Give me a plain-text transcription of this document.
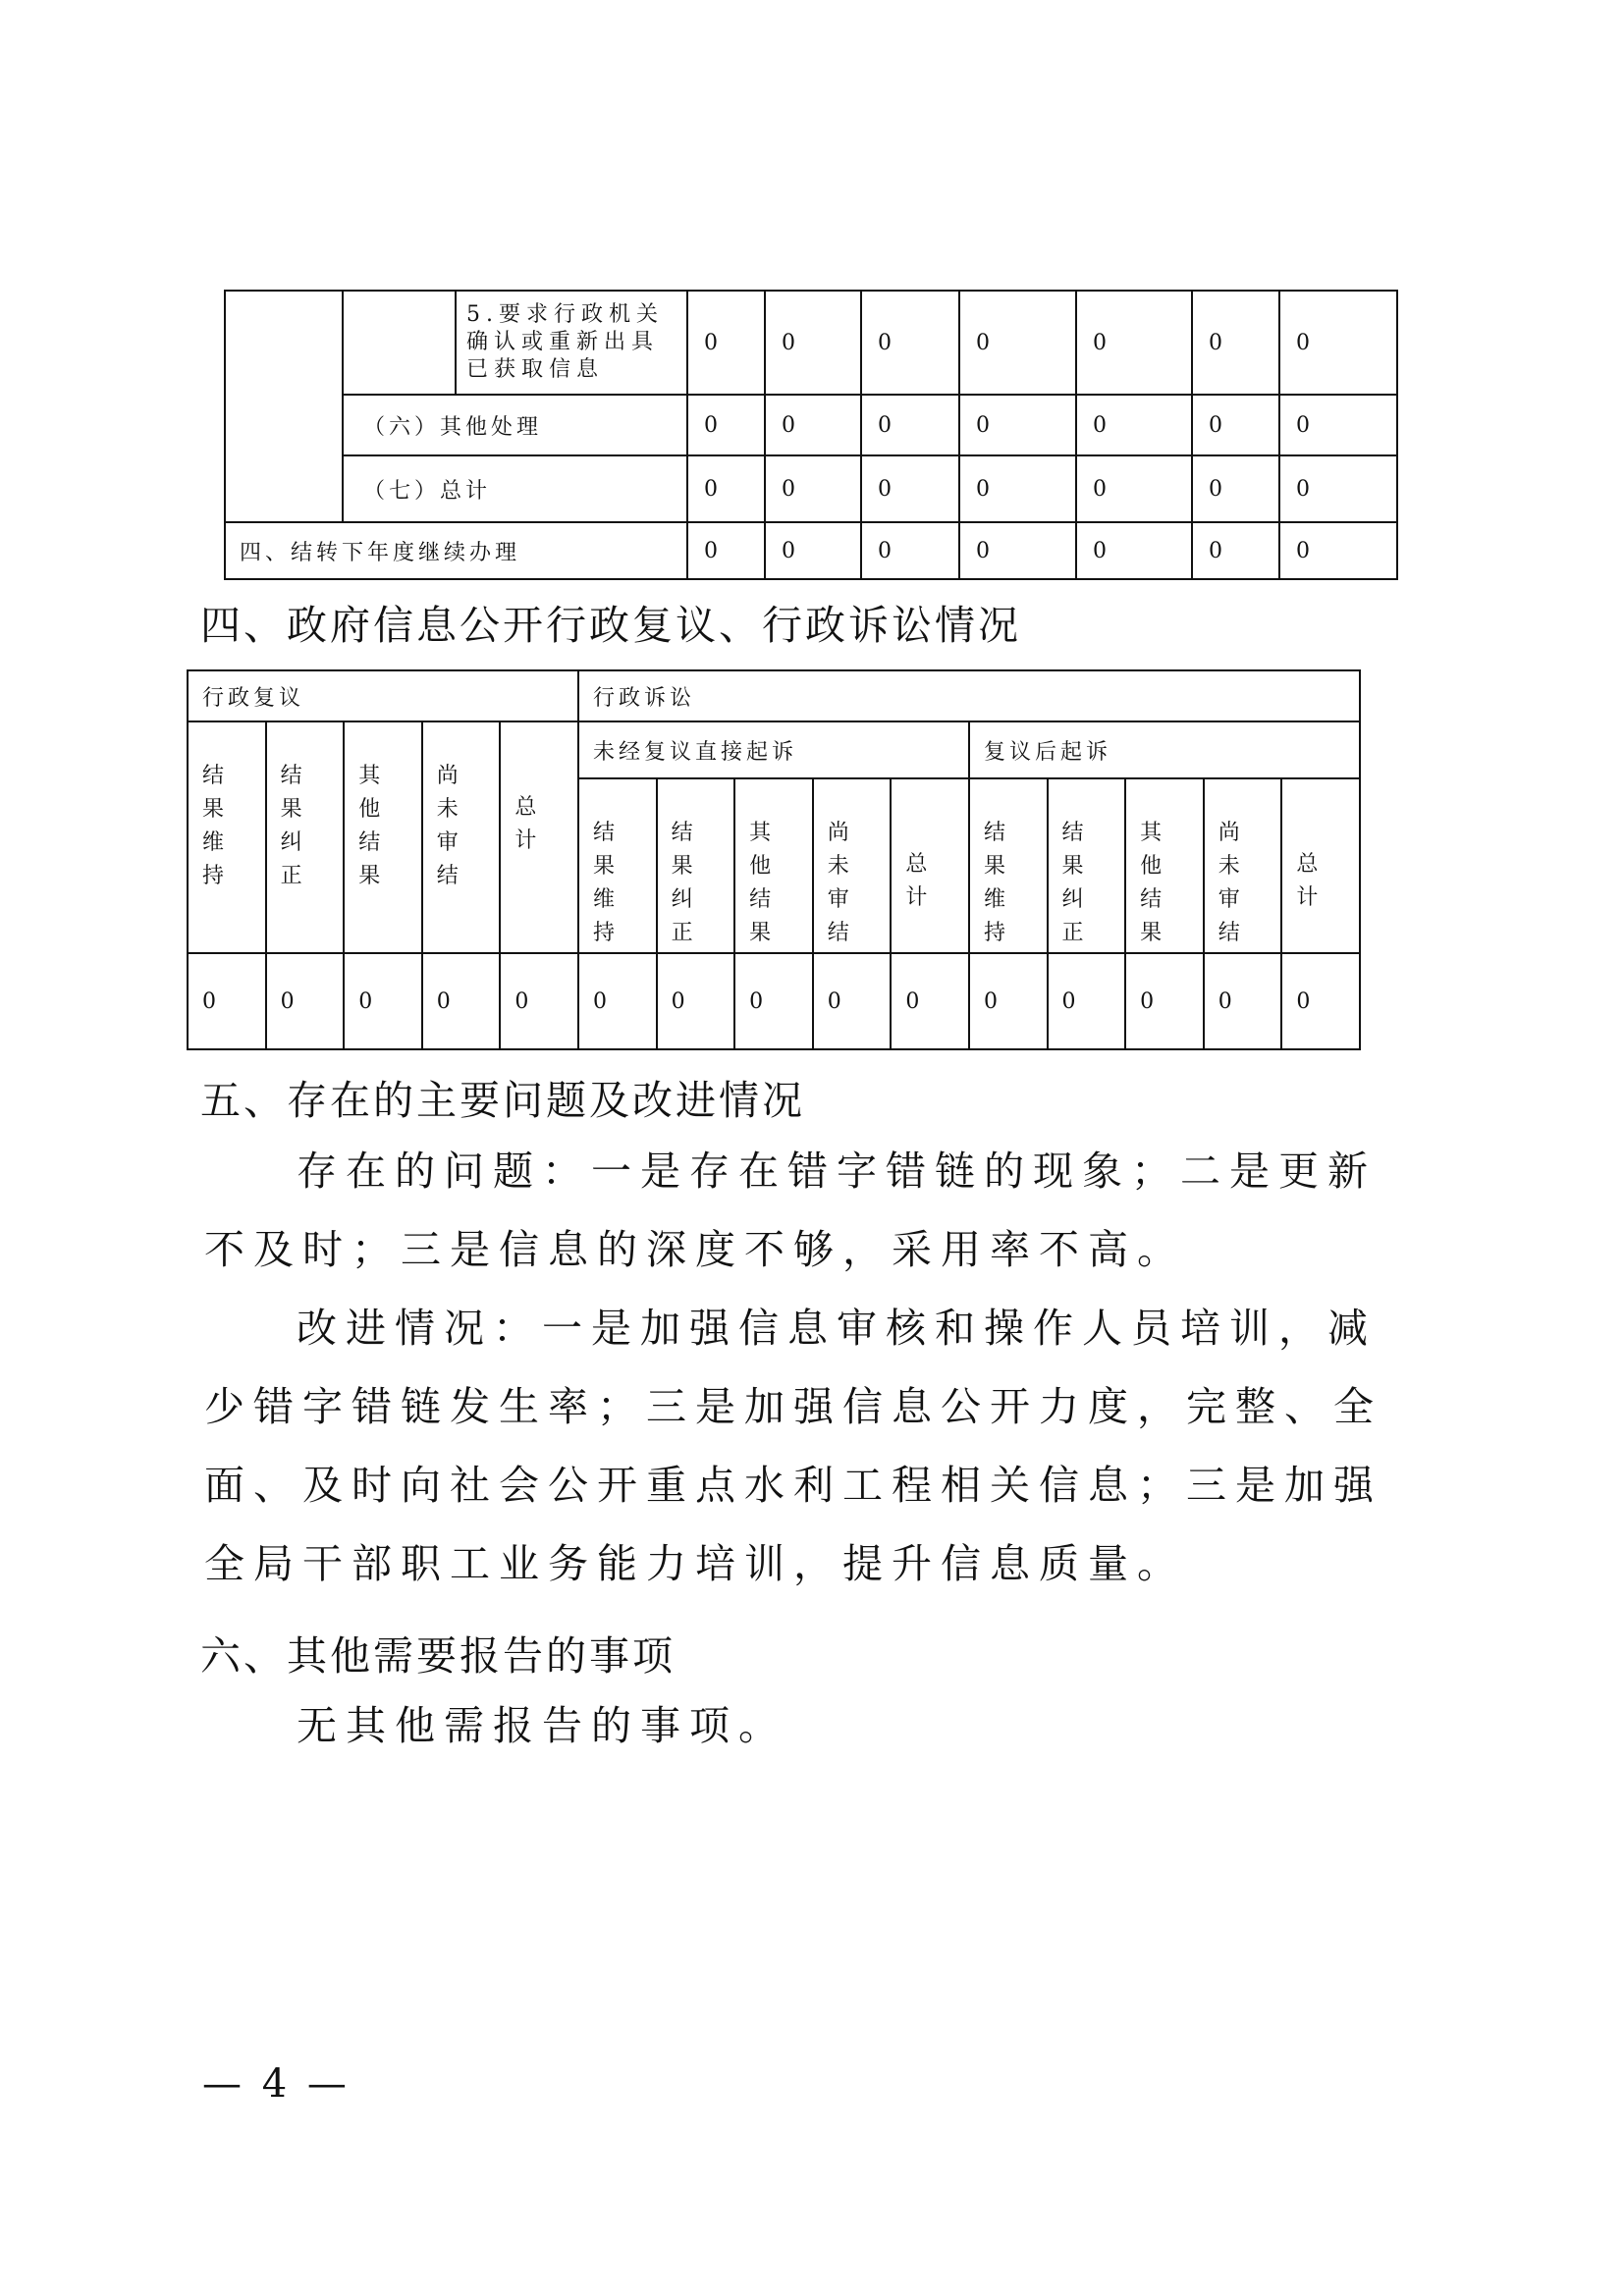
		5.要求行政机关确认或重新出具已获取信息	0	0	0	0	0	0	0
	（六）其他处理		0	0	0	0	0	0	0
	（七）总计		0	0	0	0	0	0	0
四、结转下年度继续办理			0	0	0	0	0	0	0
四、政府信息公开行政复议、行政诉讼情况
行政复议					行政诉讼									

结果维持	结果纠正	其他结果	尚未审结	总计	未经复议直接起诉					复议后起诉				

					结果维持	结果纠正	其他结果	尚未审结	总计	结果维持	结果纠正	其他结果	尚未审结	总计

0	0	0	0	0	0	0	0	0	0	0	0	0	0	0
五、存在的主要问题及改进情况
存在的问题：一是存在错字错链的现象；二是更新不及时；三是信息的深度不够，采用率不高。
改进情况：一是加强信息审核和操作人员培训，减少错字错链发生率；三是加强信息公开力度，完整、全面、及时向社会公开重点水利工程相关信息；三是加强全局干部职工业务能力培训，提升信息质量。
六、其他需要报告的事项
无其他需报告的事项。
— 4 —
